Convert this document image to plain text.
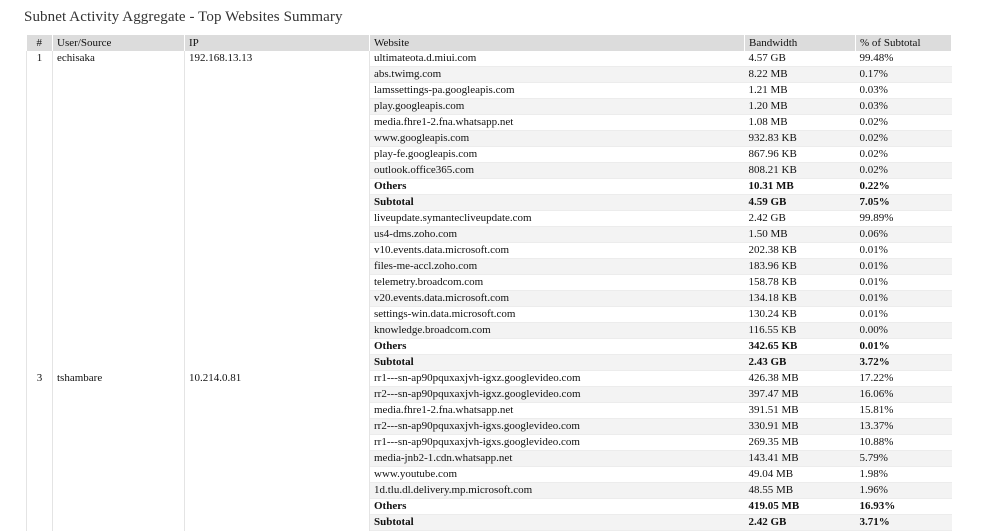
Subnet Activity Aggregate - Top Websites Summary
#	User/Source	IP	Website	Bandwidth	% of Subtotal
1	echisaka	192.168.13.13	ultimateota.d.miui.com	4.57 GB	99.48%
			abs.twimg.com	8.22 MB	0.17%
			lamssettings-pa.googleapis.com	1.21 MB	0.03%
			play.googleapis.com	1.20 MB	0.03%
			media.fhre1-2.fna.whatsapp.net	1.08 MB	0.02%
			www.googleapis.com	932.83 KB	0.02%
			play-fe.googleapis.com	867.96 KB	0.02%
			outlook.office365.com	808.21 KB	0.02%
			Others	10.31 MB	0.22%
			Subtotal	4.59 GB	7.05%
			liveupdate.symantecliveupdate.com	2.42 GB	99.89%
			us4-dms.zoho.com	1.50 MB	0.06%
			v10.events.data.microsoft.com	202.38 KB	0.01%
			files-me-accl.zoho.com	183.96 KB	0.01%
			telemetry.broadcom.com	158.78 KB	0.01%
			v20.events.data.microsoft.com	134.18 KB	0.01%
			settings-win.data.microsoft.com	130.24 KB	0.01%
			knowledge.broadcom.com	116.55 KB	0.00%
			Others	342.65 KB	0.01%
			Subtotal	2.43 GB	3.72%
3	tshambare	10.214.0.81	rr1---sn-ap90pquxaxjvh-igxz.googlevideo.com	426.38 MB	17.22%
			rr2---sn-ap90pquxaxjvh-igxz.googlevideo.com	397.47 MB	16.06%
			media.fhre1-2.fna.whatsapp.net	391.51 MB	15.81%
			rr2---sn-ap90pquxaxjvh-igxs.googlevideo.com	330.91 MB	13.37%
			rr1---sn-ap90pquxaxjvh-igxs.googlevideo.com	269.35 MB	10.88%
			media-jnb2-1.cdn.whatsapp.net	143.41 MB	5.79%
			www.youtube.com	49.04 MB	1.98%
			1d.tlu.dl.delivery.mp.microsoft.com	48.55 MB	1.96%
			Others	419.05 MB	16.93%
			Subtotal	2.42 GB	3.71%
